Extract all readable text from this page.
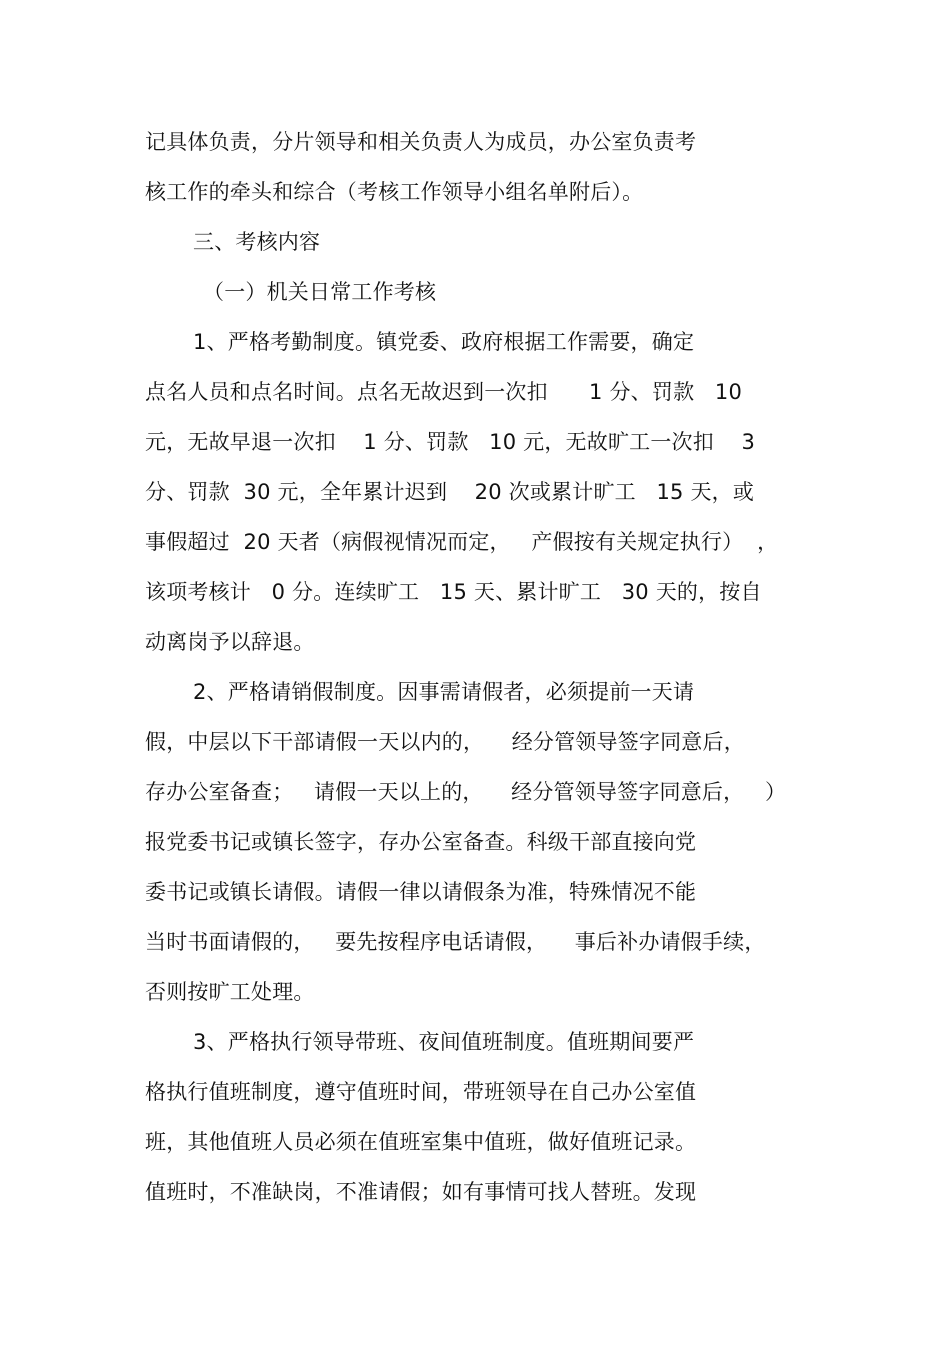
记具体负责，分片领导和相关负责人为成员，办公室负责考
核工作的牵头和综合（考核工作领导小组名单附后）。
三、考核内容
（一）机关日常工作考核
1、严格考勤制度。镇党委、政府根据工作需要，确定
点名人员和点名时间。点名无故迟到一次扣      1 分、罚款   10
元，无故早退一次扣    1 分、罚款   10 元，无故旷工一次扣    3
分、罚款  30 元，全年累计迟到    20 次或累计旷工   15 天，或
事假超过  20 天者（病假视情况而定，   产假按有关规定执行）  ，
该项考核计   0 分。连续旷工   15 天、累计旷工   30 天的，按自
动离岗予以辞退。
2、严格请销假制度。因事需请假者，必须提前一天请
假，中层以下干部请假一天以内的，    经分管领导签字同意后，
存办公室备查；   请假一天以上的，    经分管领导签字同意后，   ）
报党委书记或镇长签字，存办公室备查。科级干部直接向党
委书记或镇长请假。请假一律以请假条为准，特殊情况不能
当时书面请假的，   要先按程序电话请假，    事后补办请假手续，
否则按旷工处理。
3、严格执行领导带班、夜间值班制度。值班期间要严
格执行值班制度，遵守值班时间，带班领导在自己办公室值
班，其他值班人员必须在值班室集中值班，做好值班记录。
值班时，不准缺岗，不准请假；如有事情可找人替班。发现
